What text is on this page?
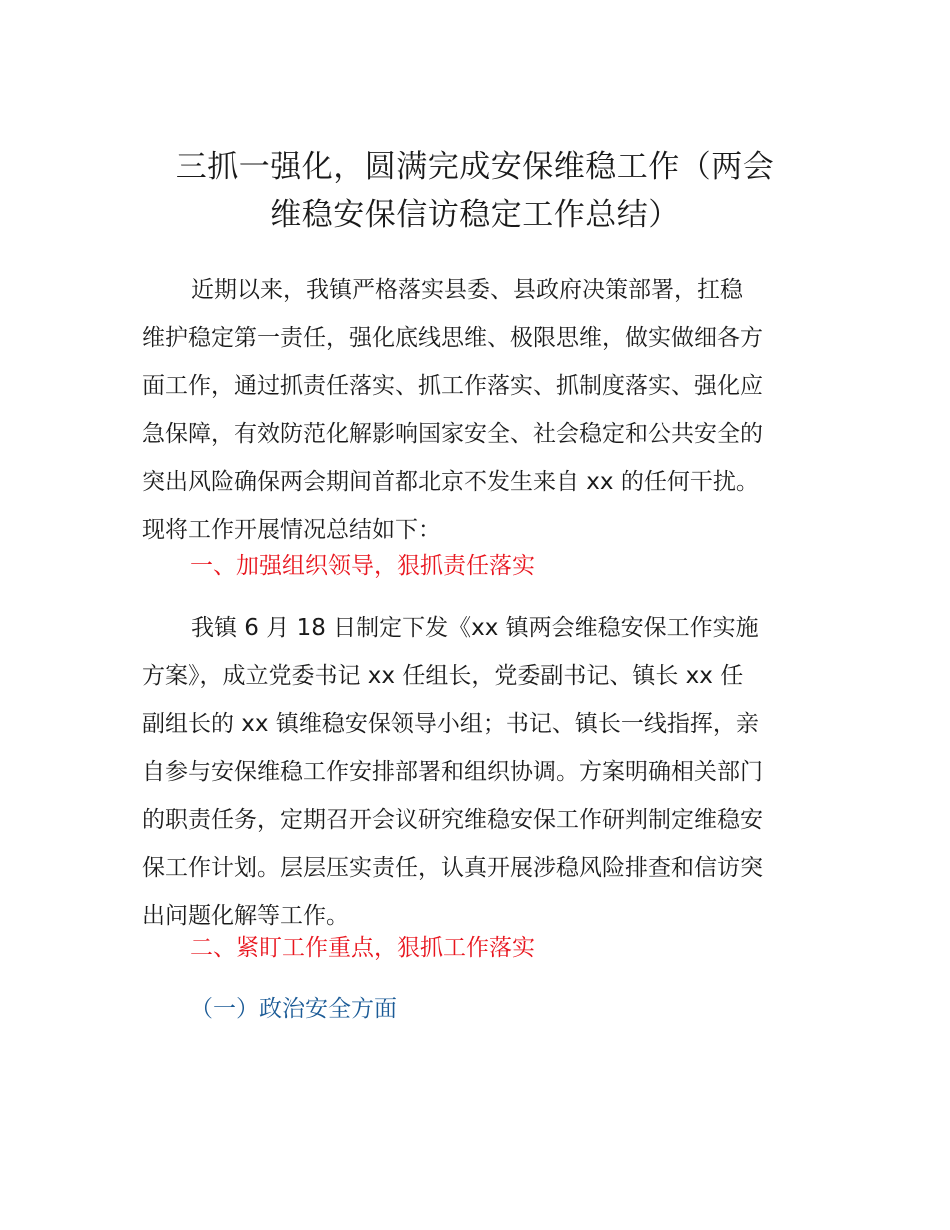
三抓一强化，圆满完成安保维稳工作（两会
维稳安保信访稳定工作总结）
近期以来，我镇严格落实县委、县政府决策部署，扛稳
维护稳定第一责任，强化底线思维、极限思维，做实做细各方
面工作，通过抓责任落实、抓工作落实、抓制度落实、强化应
急保障，有效防范化解影响国家安全、社会稳定和公共安全的
突出风险确保两会期间首都北京不发生来自 xx 的任何干扰。
现将工作开展情况总结如下：
一、加强组织领导，狠抓责任落实
我镇 6 月 18 日制定下发《xx 镇两会维稳安保工作实施
方案》，成立党委书记 xx 任组长，党委副书记、镇长 xx 任
副组长的 xx 镇维稳安保领导小组；书记、镇长一线指挥，亲
自参与安保维稳工作安排部署和组织协调。方案明确相关部门
的职责任务，定期召开会议研究维稳安保工作研判制定维稳安
保工作计划。层层压实责任，认真开展涉稳风险排查和信访突
出问题化解等工作。
二、紧盯工作重点，狠抓工作落实
（一）政治安全方面
